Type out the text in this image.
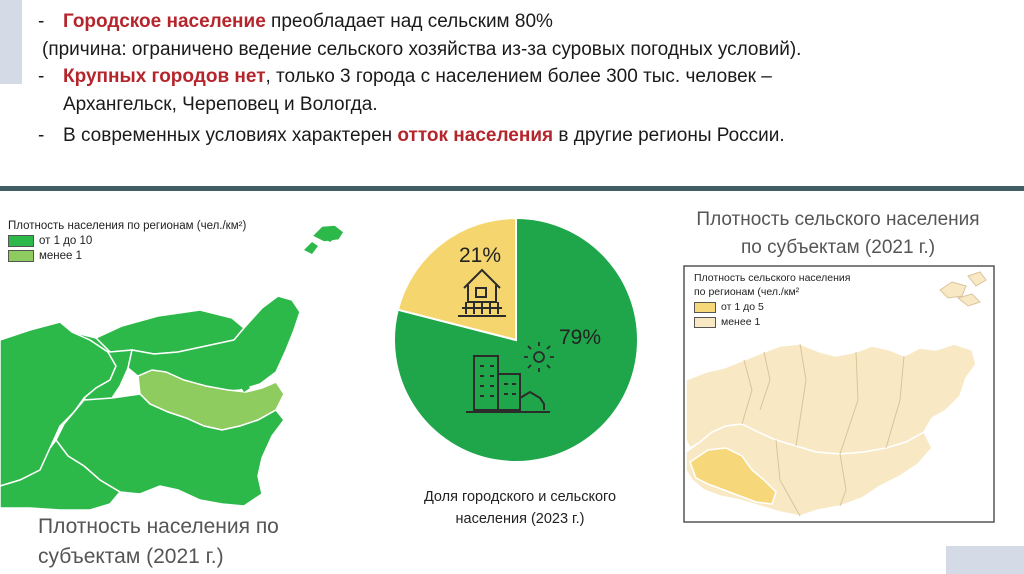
- Городское население преобладает над сельским 80%
(причина: ограничено ведение сельского хозяйства из-за суровых погодных условий).
- Крупных городов нет, только 3 города с населением более 300 тыс. человек –
Архангельск, Череповец и Вологда.
- В современных условиях характерен отток населения в другие регионы России.
Плотность населения по регионам (чел./км²)
от 1 до 10
менее 1
Плотность населения по
субъектам (2021 г.)
21%
79%
Доля городского и сельского населения (2023 г.)
Плотность сельского населения
по субъектам (2021 г.)
Плотность сельского населения
по регионам (чел./км²
от 1 до 5
менее 1
